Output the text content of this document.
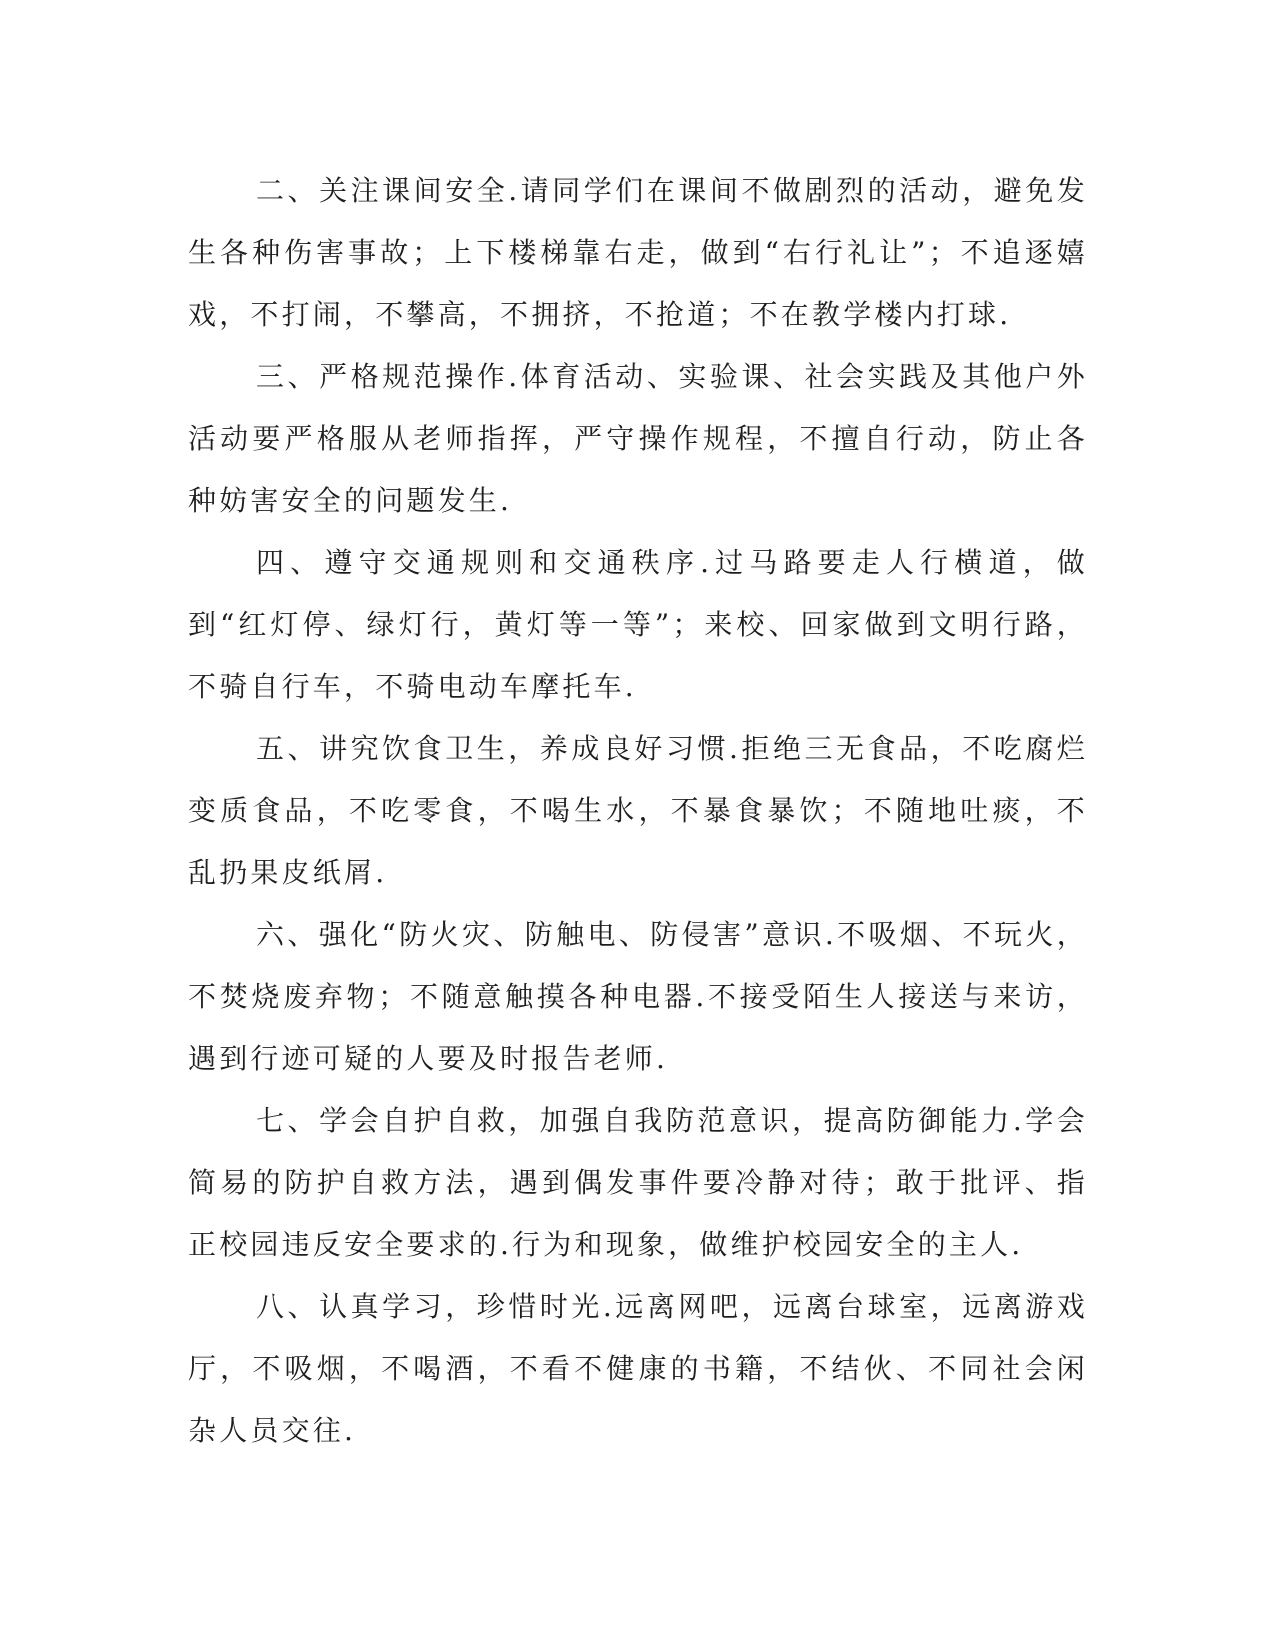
二、关注课间安全.请同学们在课间不做剧烈的活动，避免发生各种伤害事故；上下楼梯靠右走，做到“右行礼让”；不追逐嬉戏，不打闹，不攀高，不拥挤，不抢道；不在教学楼内打球.

三、严格规范操作.体育活动、实验课、社会实践及其他户外活动要严格服从老师指挥，严守操作规程，不擅自行动，防止各种妨害安全的问题发生.

四、遵守交通规则和交通秩序.过马路要走人行横道，做到“红灯停、绿灯行，黄灯等一等”；来校、回家做到文明行路，不骑自行车，不骑电动车摩托车.

五、讲究饮食卫生，养成良好习惯.拒绝三无食品，不吃腐烂变质食品，不吃零食，不喝生水，不暴食暴饮；不随地吐痰，不乱扔果皮纸屑.

六、强化“防火灾、防触电、防侵害”意识.不吸烟、不玩火，不焚烧废弃物；不随意触摸各种电器.不接受陌生人接送与来访，遇到行迹可疑的人要及时报告老师.

七、学会自护自救，加强自我防范意识，提高防御能力.学会简易的防护自救方法，遇到偶发事件要冷静对待；敢于批评、指正校园违反安全要求的.行为和现象，做维护校园安全的主人.

八、认真学习，珍惜时光.远离网吧，远离台球室，远离游戏厅，不吸烟，不喝酒，不看不健康的书籍，不结伙、不同社会闲杂人员交往.
